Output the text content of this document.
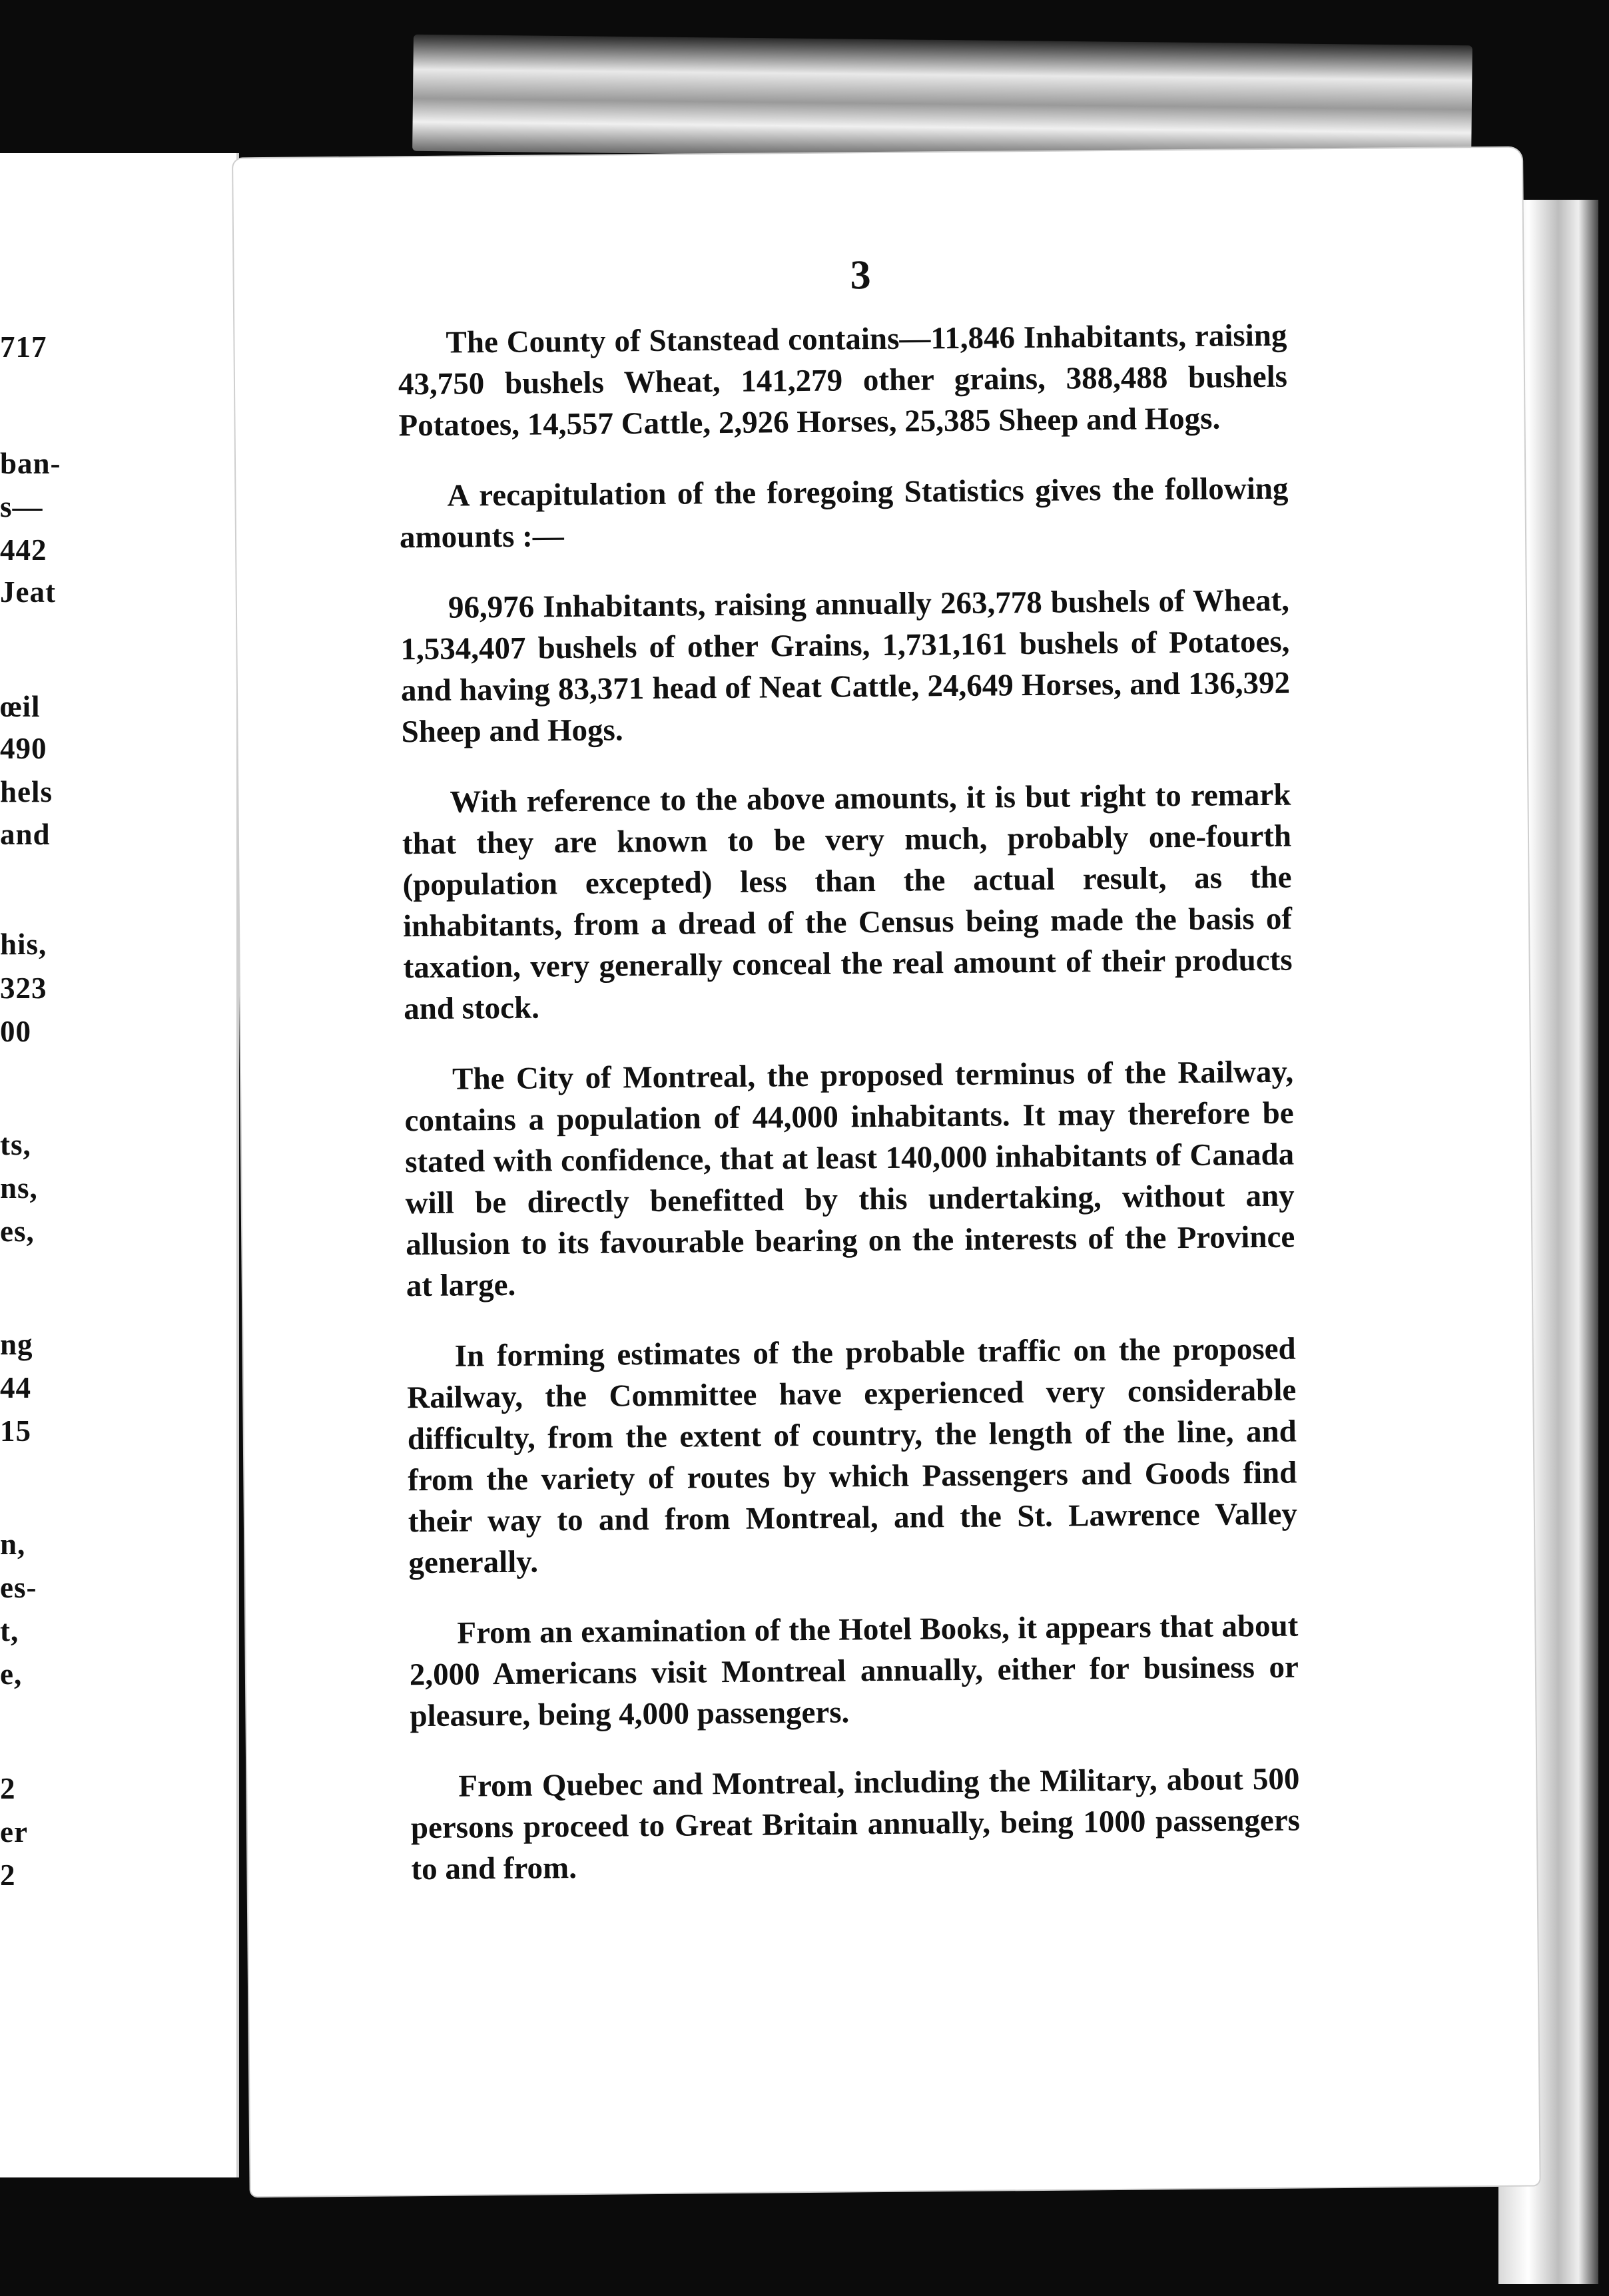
717
ban-
s—
442
Jeat
œil
490
hels
and
his,
323
00
ts,
ns,
es,
ng
44
15
n,
es-
t,
e,
2
er
2
3

The County of Stanstead contains—11,846 Inhabitants, raising 43,750 bushels Wheat, 141,279 other grains, 388,488 bushels Potatoes, 14,557 Cattle, 2,926 Horses, 25,385 Sheep and Hogs.

A recapitulation of the foregoing Statistics gives the following amounts :—

96,976 Inhabitants, raising annually 263,778 bushels of Wheat, 1,534,407 bushels of other Grains, 1,731,161 bushels of Potatoes, and having 83,371 head of Neat Cattle, 24,649 Horses, and 136,392 Sheep and Hogs.

With reference to the above amounts, it is but right to remark that they are known to be very much, probably one-fourth (population excepted) less than the actual result, as the inhabitants, from a dread of the Census being made the basis of taxation, very generally conceal the real amount of their products and stock.

The City of Montreal, the proposed terminus of the Railway, contains a population of 44,000 inhabitants. It may therefore be stated with confidence, that at least 140,000 inhabitants of Canada will be directly benefitted by this undertaking, without any allusion to its favourable bearing on the interests of the Province at large.

In forming estimates of the probable traffic on the proposed Railway, the Committee have experienced very considerable difficulty, from the extent of country, the length of the line, and from the variety of routes by which Passengers and Goods find their way to and from Montreal, and the St. Lawrence Valley generally.

From an examination of the Hotel Books, it appears that about 2,000 Americans visit Montreal annually, either for business or pleasure, being 4,000 passengers.

From Quebec and Montreal, including the Military, about 500 persons proceed to Great Britain annually, being 1000 passengers to and from.
